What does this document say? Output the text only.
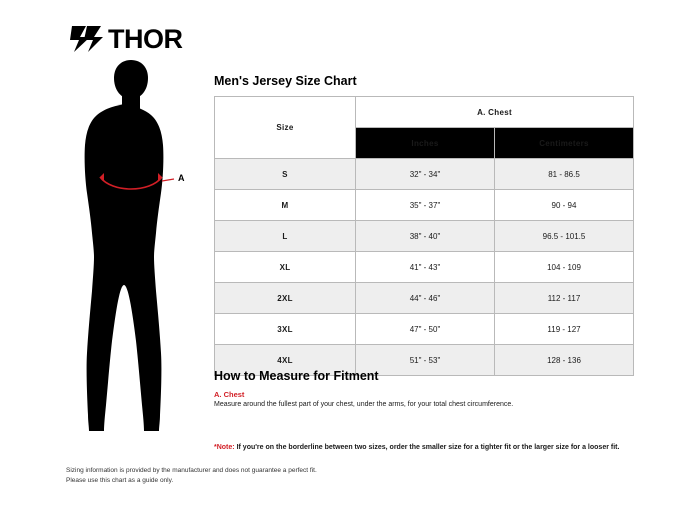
THOR
A
Men's Jersey Size Chart
Size	A. Chest	
	Inches	Centimeters
S	32" - 34"	81 - 86.5
M	35" - 37"	90 - 94
L	38" - 40"	96.5 - 101.5
XL	41" - 43"	104 - 109
2XL	44" - 46"	112 - 117
3XL	47" - 50"	119 - 127
4XL	51" - 53"	128 - 136
How to Measure for Fitment
A. Chest
Measure around the fullest part of your chest, under the arms, for your total chest circumference.
*Note: If you're on the borderline between two sizes, order the smaller size for a tighter fit or the larger size for a looser fit.
Sizing information is provided by the manufacturer and does not guarantee a perfect fit.
Please use this chart as a guide only.
